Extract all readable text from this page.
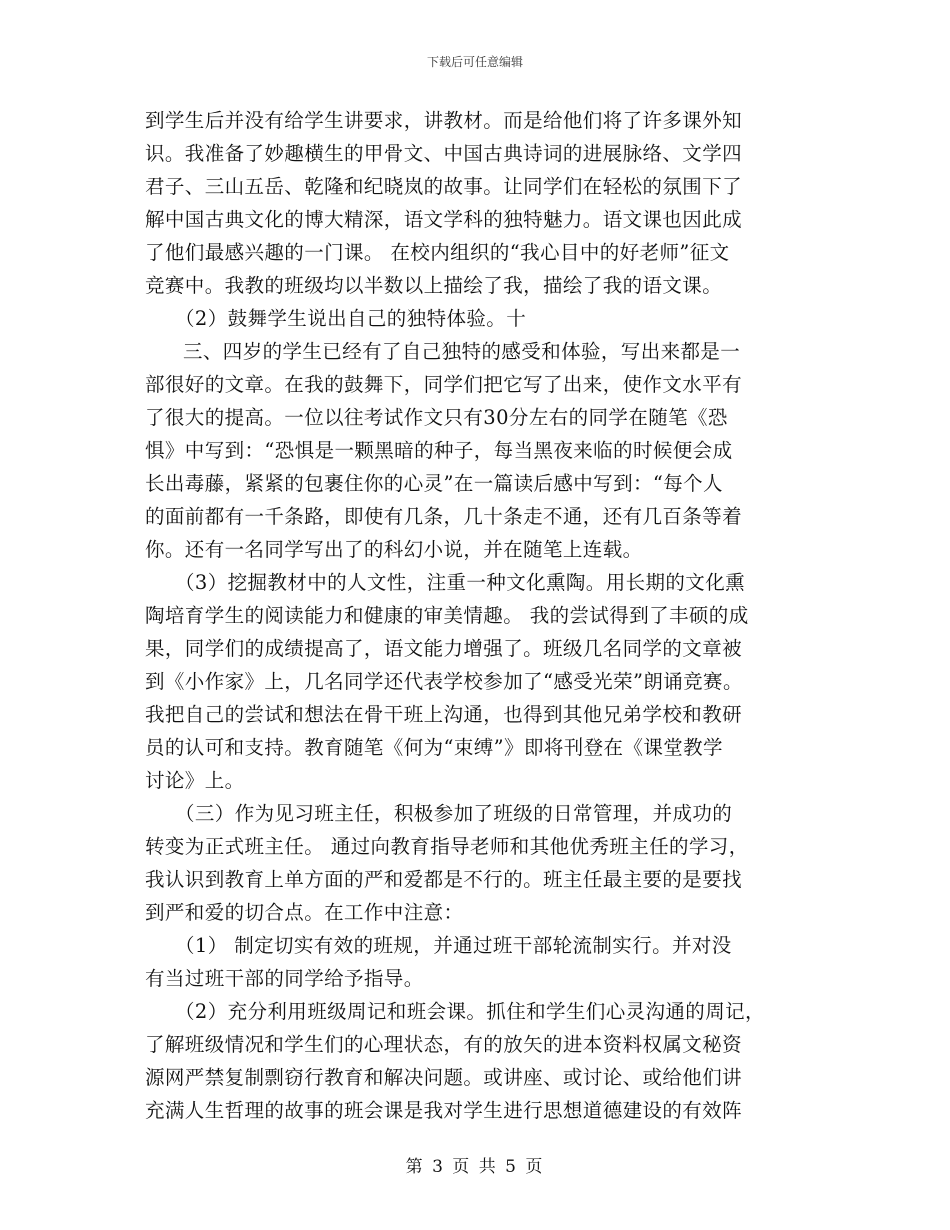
下载后可任意编辑
到学生后并没有给学生讲要求，讲教材。而是给他们将了许多课外知
识。我准备了妙趣横生的甲骨文、中国古典诗词的进展脉络、文学四
君子、三山五岳、乾隆和纪晓岚的故事。让同学们在轻松的氛围下了
解中国古典文化的博大精深，语文学科的独特魅力。语文课也因此成
了他们最感兴趣的一门课。 在校内组织的“我心目中的好老师”征文
竞赛中。我教的班级均以半数以上描绘了我，描绘了我的语文课。
（2）鼓舞学生说出自己的独特体验。十
三、四岁的学生已经有了自己独特的感受和体验，写出来都是一
部很好的文章。在我的鼓舞下，同学们把它写了出来，使作文水平有
了很大的提高。一位以往考试作文只有30分左右的同学在随笔《恐
惧》中写到：“恐惧是一颗黑暗的种子，每当黑夜来临的时候便会成
长出毒藤，紧紧的包裹住你的心灵”在一篇读后感中写到：“每个人
的面前都有一千条路，即使有几条，几十条走不通，还有几百条等着
你。还有一名同学写出了的科幻小说，并在随笔上连载。
（3）挖掘教材中的人文性，注重一种文化熏陶。用长期的文化熏
陶培育学生的阅读能力和健康的审美情趣。 我的尝试得到了丰硕的成
果，同学们的成绩提高了，语文能力增强了。班级几名同学的文章被
到《小作家》上，几名同学还代表学校参加了“感受光荣”朗诵竞赛。
我把自己的尝试和想法在骨干班上沟通，也得到其他兄弟学校和教研
员的认可和支持。教育随笔《何为“束缚”》即将刊登在《课堂教学
讨论》上。
（三）作为见习班主任，积极参加了班级的日常管理，并成功的
转变为正式班主任。 通过向教育指导老师和其他优秀班主任的学习，
我认识到教育上单方面的严和爱都是不行的。班主任最主要的是要找
到严和爱的切合点。在工作中注意：
（1） 制定切实有效的班规，并通过班干部轮流制实行。并对没
有当过班干部的同学给予指导。
（2）充分利用班级周记和班会课。抓住和学生们心灵沟通的周记，
了解班级情况和学生们的心理状态，有的放矢的进本资料权属文秘资
源网严禁复制剽窃行教育和解决问题。或讲座、或讨论、或给他们讲
充满人生哲理的故事的班会课是我对学生进行思想道德建设的有效阵
第 3 页 共 5 页
